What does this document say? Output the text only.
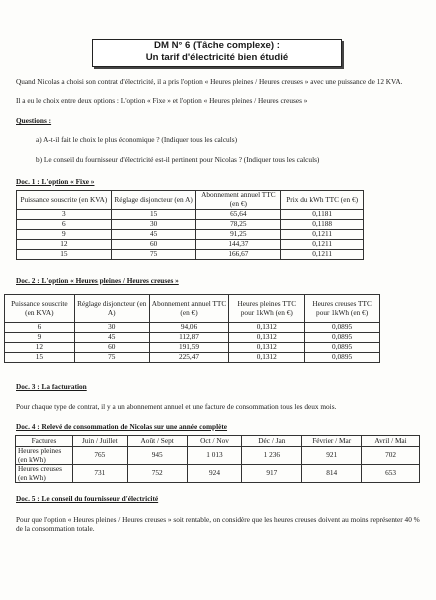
DM N° 6 (Tâche complexe) :
Un tarif d'électricité bien étudié
Quand Nicolas a choisi son contrat d'électricité, il a pris l'option « Heures pleines / Heures creuses » avec une puissance de 12 KVA.
Il a eu le choix entre deux options : L'option « Fixe » et l'option « Heures pleines / Heures creuses »
Questions :
a) A-t-il fait le choix le plus économique ? (Indiquer tous les calculs)
b) Le conseil du fournisseur d'électricité est-il pertinent pour Nicolas ? (Indiquer tous les calculs)
Doc. 1 : L'option « Fixe »
Puissance souscrite (en KVA)	Réglage disjoncteur (en A)	Abonnement annuel TTC (en €)	Prix du kWh TTC (en €)
3	15	65,64	0,1181
6	30	78,25	0,1188
9	45	91,25	0,1211
12	60	144,37	0,1211
15	75	166,67	0,1211
Doc. 2 : L'option « Heures pleines / Heures creuses »
Puissance souscrite (en KVA)	Réglage disjoncteur (en A)	Abonnement annuel TTC (en €)	Heures pleines TTC pour 1kWh (en €)	Heures creuses TTC pour 1kWh (en €)
6	30	94,06	0,1312	0,0895
9	45	112,87	0,1312	0,0895
12	60	191,59	0,1312	0,0895
15	75	225,47	0,1312	0,0895
Doc. 3 : La facturation
Pour chaque type de contrat, il y a un abonnement annuel et une facture de consommation tous les deux mois.
Doc. 4 : Relevé de consommation de Nicolas sur une année complète
Factures	Juin / Juillet	Août / Sept	Oct / Nov	Déc / Jan	Février / Mar	Avril / Mai
Heures pleines (en kWh)	765	945	1 013	1 236	921	702
Heures creuses (en kWh)	731	752	924	917	814	653
Doc. 5 : Le conseil du fournisseur d'électricité
Pour que l'option « Heures pleines / Heures creuses » soit rentable, on considère que les heures creuses doivent au moins représenter 40 % de la consommation totale.
